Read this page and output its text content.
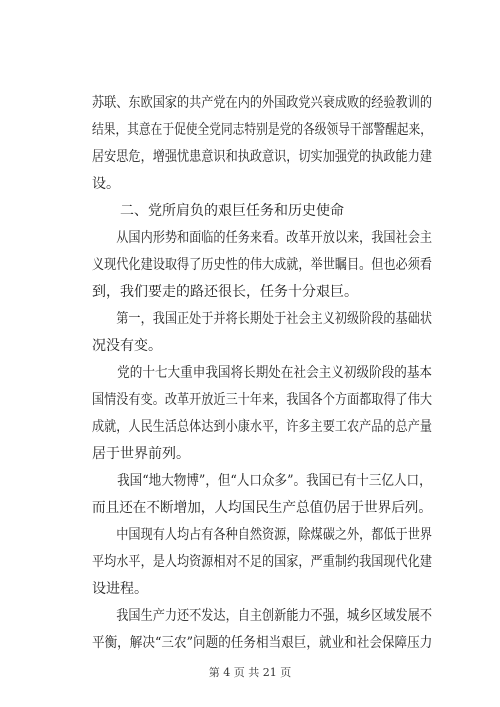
苏联、东欧国家的共产党在内的外国政党兴衰成败的经验教训的
结果，其意在于促使全党同志特别是党的各级领导干部警醒起来，
居安思危，增强忧患意识和执政意识，切实加强党的执政能力建
设。

　　二、党所肩负的艰巨任务和历史使命

　　从国内形势和面临的任务来看。改革开放以来，我国社会主
义现代化建设取得了历史性的伟大成就，举世瞩目。但也必须看
到，我们要走的路还很长，任务十分艰巨。

　　第一，我国正处于并将长期处于社会主义初级阶段的基础状
况没有变。

　　党的十七大重申我国将长期处在社会主义初级阶段的基本
国情没有变。改革开放近三十年来，我国各个方面都取得了伟大
成就，人民生活总体达到小康水平，许多主要工农产品的总产量
居于世界前列。

　　我国“地大物博”，但“人口众多”。我国已有十三亿人口，
而且还在不断增加，人均国民生产总值仍居于世界后列。

　　中国现有人均占有各种自然资源，除煤碳之外，都低于世界
平均水平，是人均资源相对不足的国家，严重制约我国现代化建
设进程。

　　我国生产力还不发达，自主创新能力不强，城乡区域发展不
平衡，解决“三农”问题的任务相当艰巨，就业和社会保障压力

第 4 页 共 21 页
